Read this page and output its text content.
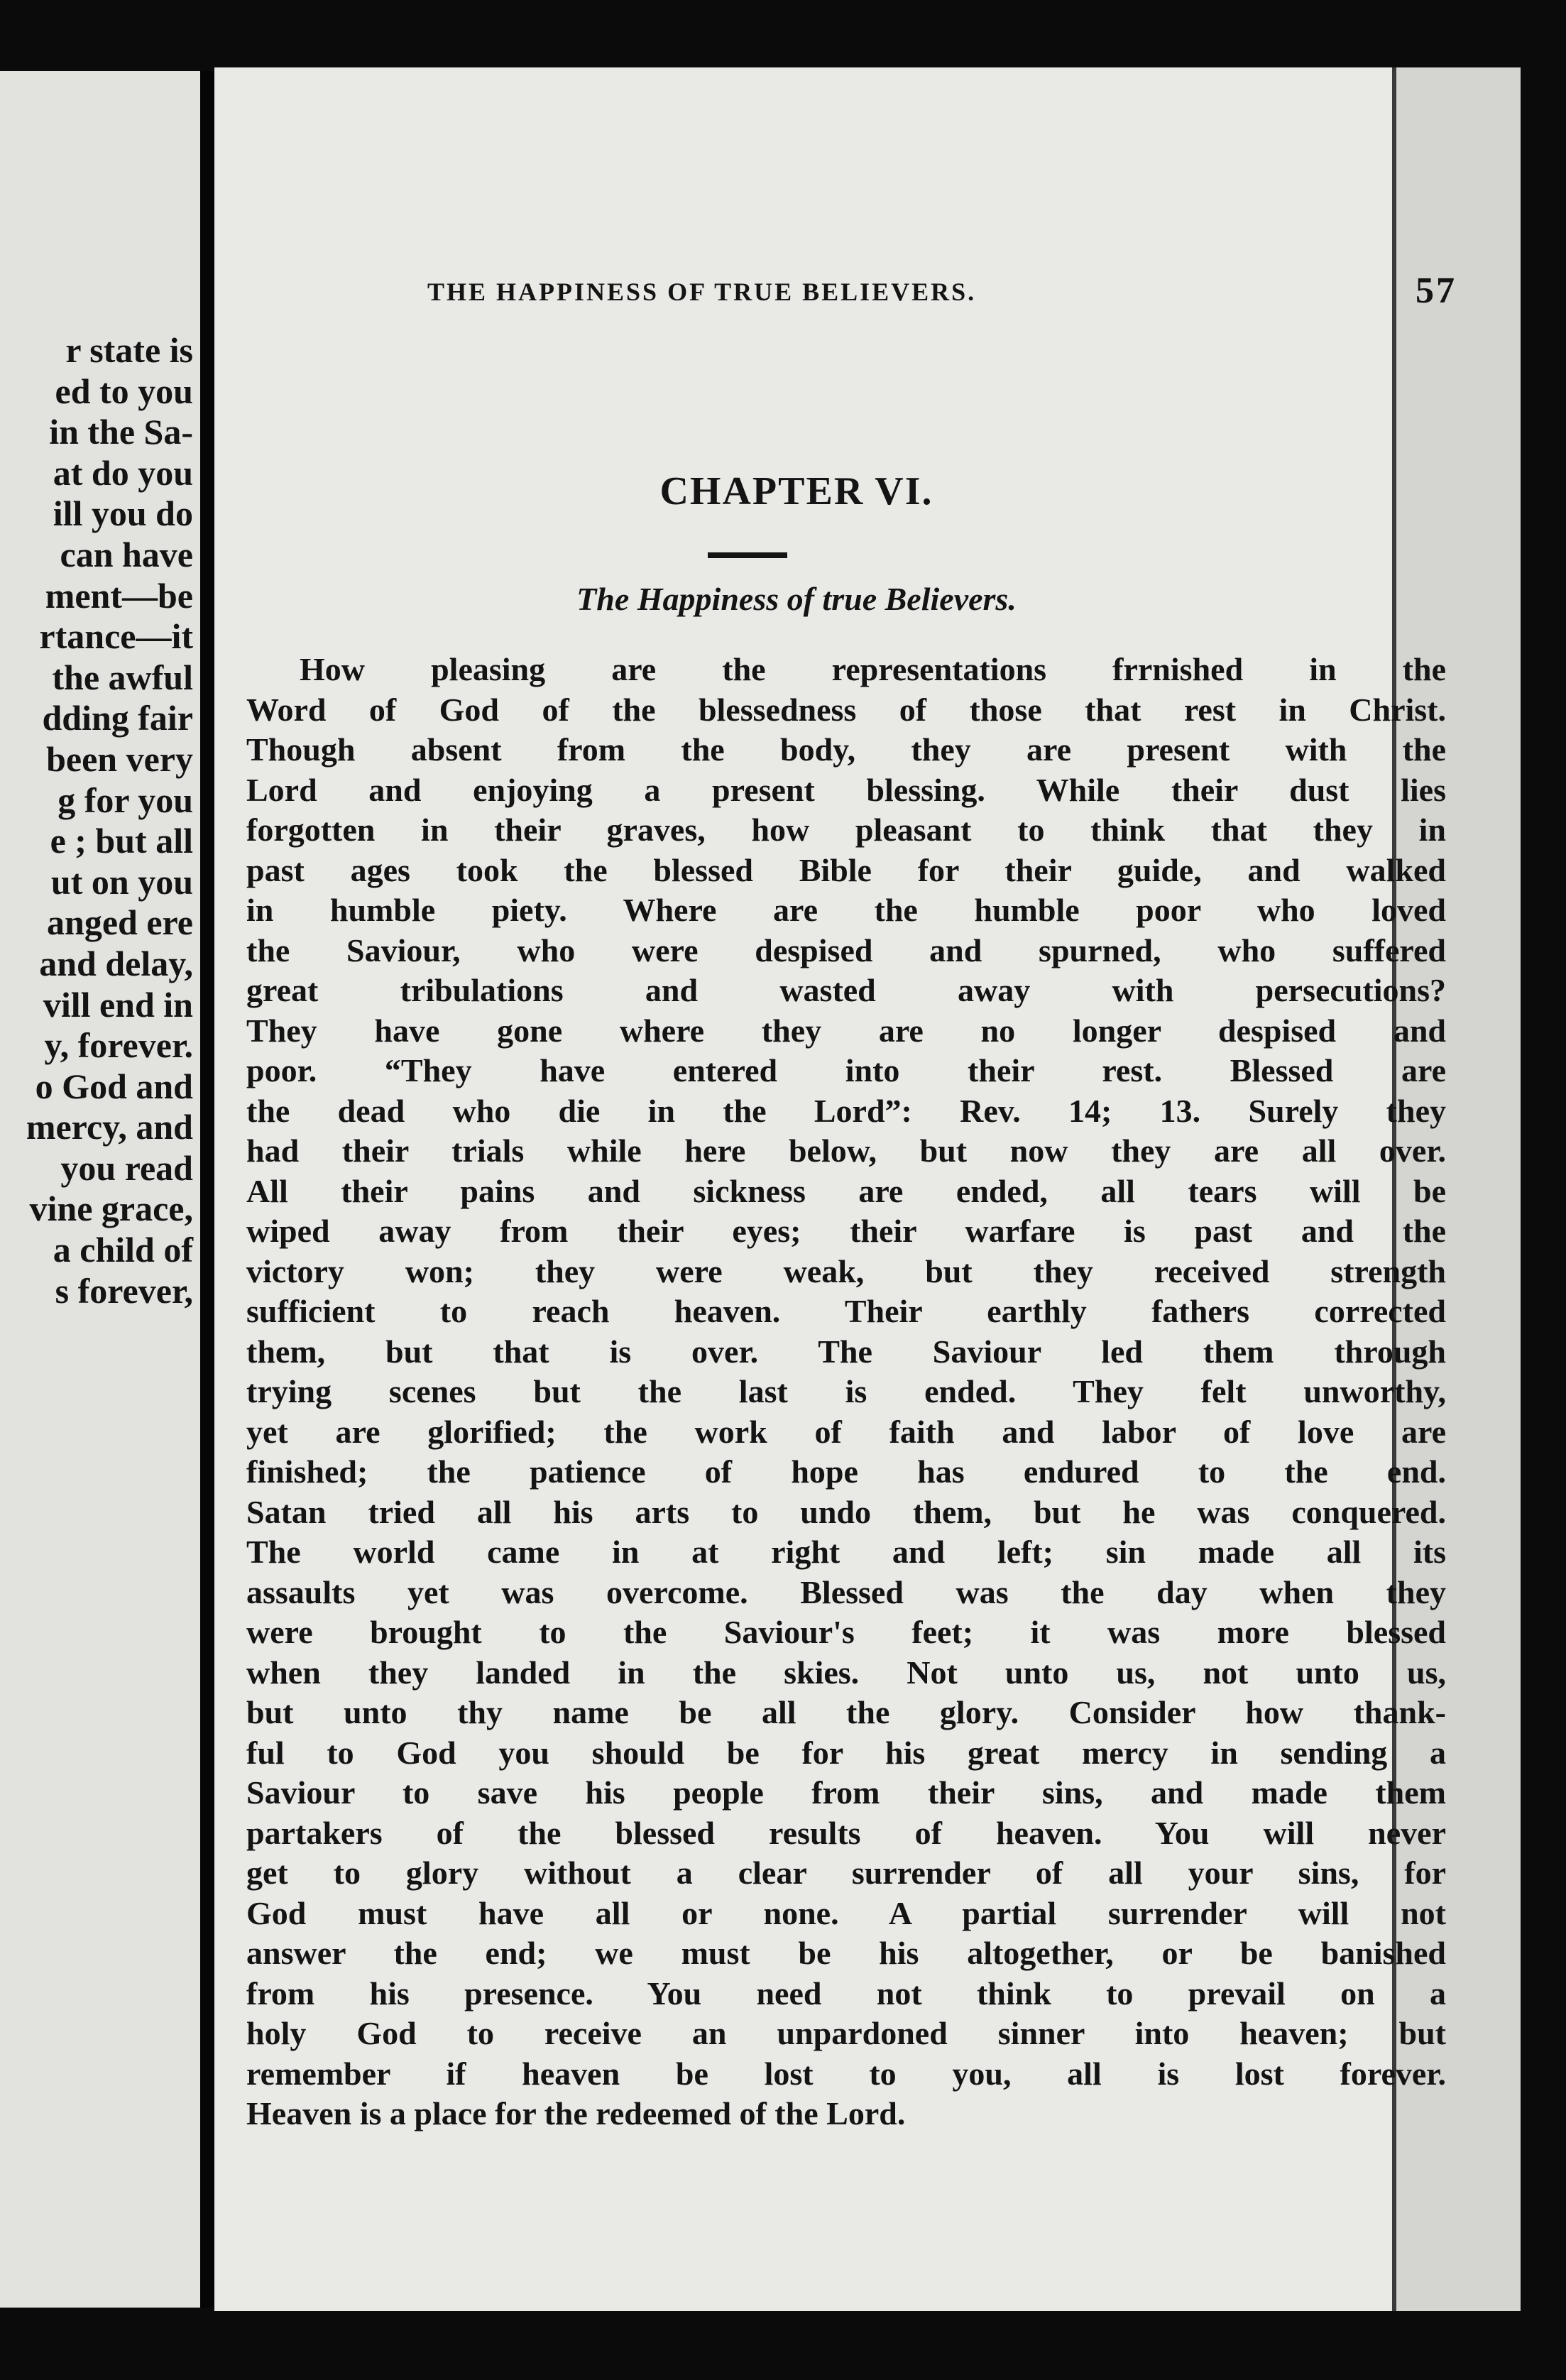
r state is
ed to you
in the Sa-
at do you
ill you do
can have
ment—be
rtance—it
the awful
dding fair
been very
g for you
e ; but all
ut on you
anged ere
and delay,
vill end in
y, forever.
o God and
mercy, and
you read
vine grace,
a child of
s forever,
THE HAPPINESS OF TRUE BELIEVERS.	57
CHAPTER VI.
The Happiness of true Believers.
How pleasing are the representations frrnished in the
Word of God of the blessedness of those that rest in Christ.
Though absent from the body, they are present with the
Lord and enjoying a present blessing. While their dust lies
forgotten in their graves, how pleasant to think that they in
past ages took the blessed Bible for their guide, and walked
in humble piety. Where are the humble poor who loved
the Saviour, who were despised and spurned, who suffered
great tribulations and wasted away with persecutions?
They have gone where they are no longer despised and
poor. “They have entered into their rest. Blessed are
the dead who die in the Lord”: Rev. 14; 13. Surely they
had their trials while here below, but now they are all over.
All their pains and sickness are ended, all tears will be
wiped away from their eyes; their warfare is past and the
victory won; they were weak, but they received strength
sufficient to reach heaven. Their earthly fathers corrected
them, but that is over. The Saviour led them through
trying scenes but the last is ended. They felt unworthy,
yet are glorified; the work of faith and labor of love are
finished; the patience of hope has endured to the end.
Satan tried all his arts to undo them, but he was conquered.
The world came in at right and left; sin made all its
assaults yet was overcome. Blessed was the day when they
were brought to the Saviour's feet; it was more blessed
when they landed in the skies. Not unto us, not unto us,
but unto thy name be all the glory. Consider how thank-
ful to God you should be for his great mercy in sending a
Saviour to save his people from their sins, and made them
partakers of the blessed results of heaven. You will never
get to glory without a clear surrender of all your sins, for
God must have all or none. A partial surrender will not
answer the end; we must be his altogether, or be banished
from his presence. You need not think to prevail on a
holy God to receive an unpardoned sinner into heaven; but
remember if heaven be lost to you, all is lost forever.
Heaven is a place for the redeemed of the Lord.
